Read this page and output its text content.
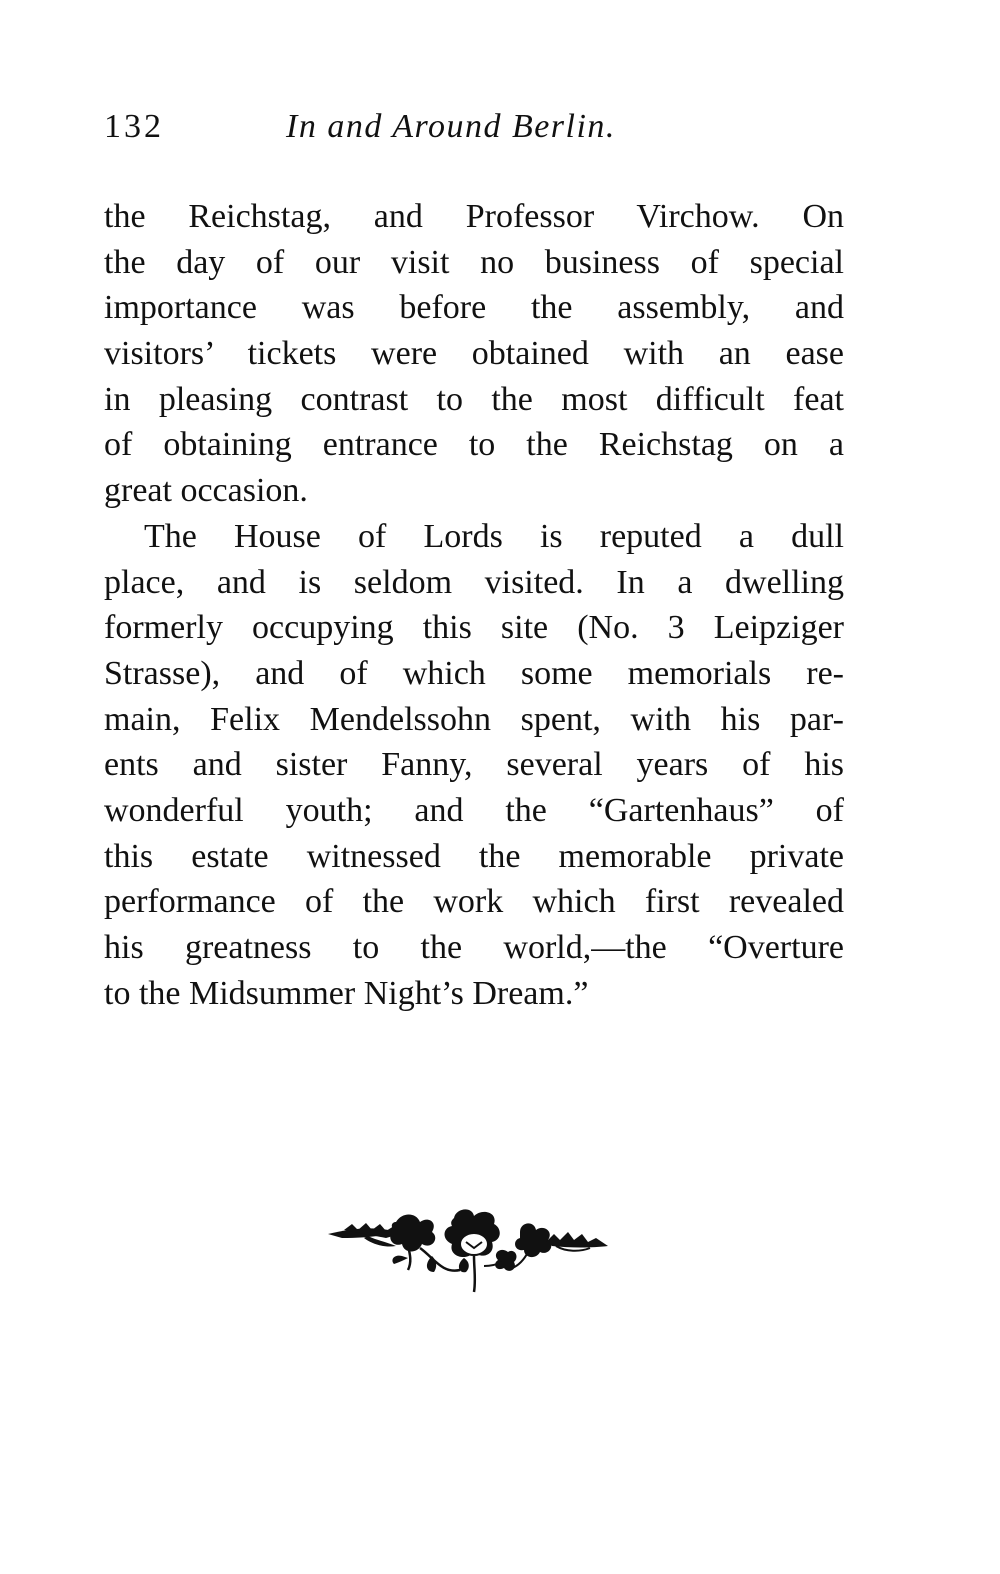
132	In and Around Berlin.
the Reichstag, and Professor Virchow. On
the day of our visit no business of special
importance was before the assembly, and
visitors’ tickets were obtained with an ease
in pleasing contrast to the most difficult feat
of obtaining entrance to the Reichstag on a
great occasion.
The House of Lords is reputed a dull
place, and is seldom visited. In a dwelling
formerly occupying this site (No. 3 Leipziger
Strasse), and of which some memorials re-
main, Felix Mendelssohn spent, with his par-
ents and sister Fanny, several years of his
wonderful youth; and the “Gartenhaus” of
this estate witnessed the memorable private
performance of the work which first revealed
his greatness to the world,—the “Overture
to the Midsummer Night’s Dream.”
